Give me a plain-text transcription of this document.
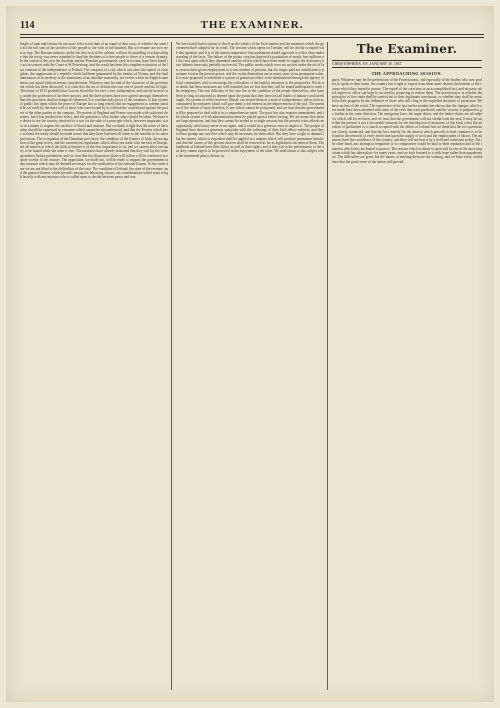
114	THE EXAMINER.
height of rank and fortune be not more felt a scorn than of an equal of their own, or whether the want is not the full sum of the sacrifice of the people to the wish of the hundred. But we resume our own view to-day. The Russian ministry, under the first visit of the cabinet, will not be unwilling to acknowledge that the treaty was never intended to bind the destinies of a free people to those of a remote dynasty. In the course of the year the Austrian and the Prussian governments, each in its turn, have been found to act in concert with the Court of St Petersburg, and the result has been the complete extinction of the last remnant of the independence of Poland. The conquest of a city which was once the capital of a kingdom, the suppression of a republic which had been guaranteed by the treaties of Vienna, and the final annexation of its territory to the dominions of an absolute monarchy, are events which no English statesman can regard without serious consideration. Whatever may be said of the character of the government which has been destroyed, it is clear that the act of destruction was one of power and not of right. The treaty of 1815 provided that Cracow should be for ever a free, independent, and strictly neutral city, under the protection of the three powers, and the three powers have now agreed amongst themselves that this provision shall no longer be observed. It is a melancholy proof of the weakness of that system of public law upon which the peace of Europe has so long rested, that an engagement so solemn should be set aside by the mere will of those who were bound by it, without the consent and against the protest of the other parties to the compact. The protest of England and France was made with sufficient clearness, but it has produced no effect, and the question is what further steps should be taken. We have no desire to see the country involved in a war for the sake of a principle which, however important, is not of a nature to require the sacrifice of blood and treasure. But we think it right that the sense of the nation should be expressed in a manner which cannot be misunderstood, and that the Powers which have violated the treaty should be made aware that they have forfeited all claim to the benefits of its other provisions. The occupation of the Danubian provinces, the condition of the frontier of Italy, the navigation of the great rivers, and the commercial regulations which affect our trade with the east of Europe, are all matters in which the faith of treaties is of the first importance to us, and we cannot allow one party to be bound while the other is free. The ministers have already intimated that they will lay the correspondence before parliament, and we trust that the discussion which will follow will be conducted in a spirit worthy of the country. The opposition, we doubt not, will be ready to support the government in any measure which may be deemed necessary for the vindication of the national honour. At the same time we are not blind to the difficulties of the case. The condition of Ireland, the state of the revenue, and the general distress which prevails among the labouring classes, are considerations which must weigh heavily with any minister who is called upon to decide between peace and war.
We have lately had occasion to dwell on the subject of the Irish famine and the measures which the government have adopted for its relief. The session which opens on Tuesday will be chiefly occupied with this question, and it is of the utmost importance that parliament should approach it with a clear understanding of the facts. The failure of the potato crop has deprived a population of nearly four millions of the food upon which they depended, and the efforts which have been made to supply the deficiency have hitherto been only partially successful. The public works which were set on foot under the act of last session have given employment to a vast number of persons, but the wages paid are insufficient to purchase food at the present prices, and the works themselves are in many cases of no permanent value. It is now proposed to substitute a system of gratuitous relief, to be administered through the agency of local committees, and to encourage the cultivation of the land by advances to the proprietors. We do not doubt that these measures are well intended, but we fear that they will be found inadequate to meet the emergency. The real difficulty of the case lies in the condition of the people themselves, who have been so long accustomed to depend upon the potato that they have lost all habits of industry and forethought. No system of relief, however liberal, can restore them to a state of independence, unless it be accompanied by measures which will give them a real interest in the improvement of the soil. The question of the tenure of land, therefore, is one which cannot be postponed, and we trust that the government will be prepared to deal with it in a comprehensive spirit. The poor law also requires amendment, and the whole system of Irish administration must be placed upon a better footing. We are aware that these are large questions, and that they cannot be settled in a single session; but the present crisis affords an opportunity which may never occur again, and it would be a grievous error to neglect it. The people of England have shown a generous sympathy with the sufferings of their Irish fellow-subjects, and they will not grudge any sacrifice which may be necessary for their relief. But they have a right to demand that the money which is expended shall be applied in a manner which will produce permanent benefit, and that the causes of the present distress shall be removed as far as legislation can remove them. The landlords of Ireland have their duties as well as their rights, and if they fail in the performance of the one they cannot expect to be protected in the enjoyment of the other. We shall return to this subject when the ministerial plan is before us.
The Examiner.
CHRISTOPHER'S, F.P., JANUARY 30, 1847.
THE APPROACHING SESSION.
party. Whatever may be the pretensions of the Protectionists, and especially of the leaders who now profess to speak in their name, the country has a right to expect from them some distinct declaration of the course which they intend to pursue. The repeal of the corn laws is an accomplished fact, and no party which aspires to office can hope to succeed by proposing to restore them. The question now is whether the principles of free trade shall be carried out to their legitimate conclusion, or whether they shall be arrested in their progress by the influence of those who still cling to the exploded doctrines of protection. We have no fear of the result. The experience of the last twelve months has shown that the changes which were made have been attended with none of the evils that were predicted, and the country is prepared to go further in the same direction. The navigation laws, the sugar duties, and the timber duties are all subjects which call for revision, and we trust that the government will not shrink from the task. It may be said that the present is not a favourable moment for the introduction of measures of this kind, when the attention of parliament is so much occupied with the affairs of Ireland; but we think that the two questions are closely connected, and that the best remedy for the distress which prevails in both countries is to be found in the removal of every restriction upon the supply of food and the employment of labour. The ministers have the confidence of the country, and they will not lose it by a bold and consistent policy. On the other hand, any attempt to temporize or to compromise would be fatal to their reputation and to the interests which they are bound to protect. The session which is about to open will be one of the most important which has taken place for many years, and we look forward to it with hope rather than apprehension. The difficulties are great, but the means of meeting them are not wanting, and we have every confidence that the good sense of the nation will prevail.
